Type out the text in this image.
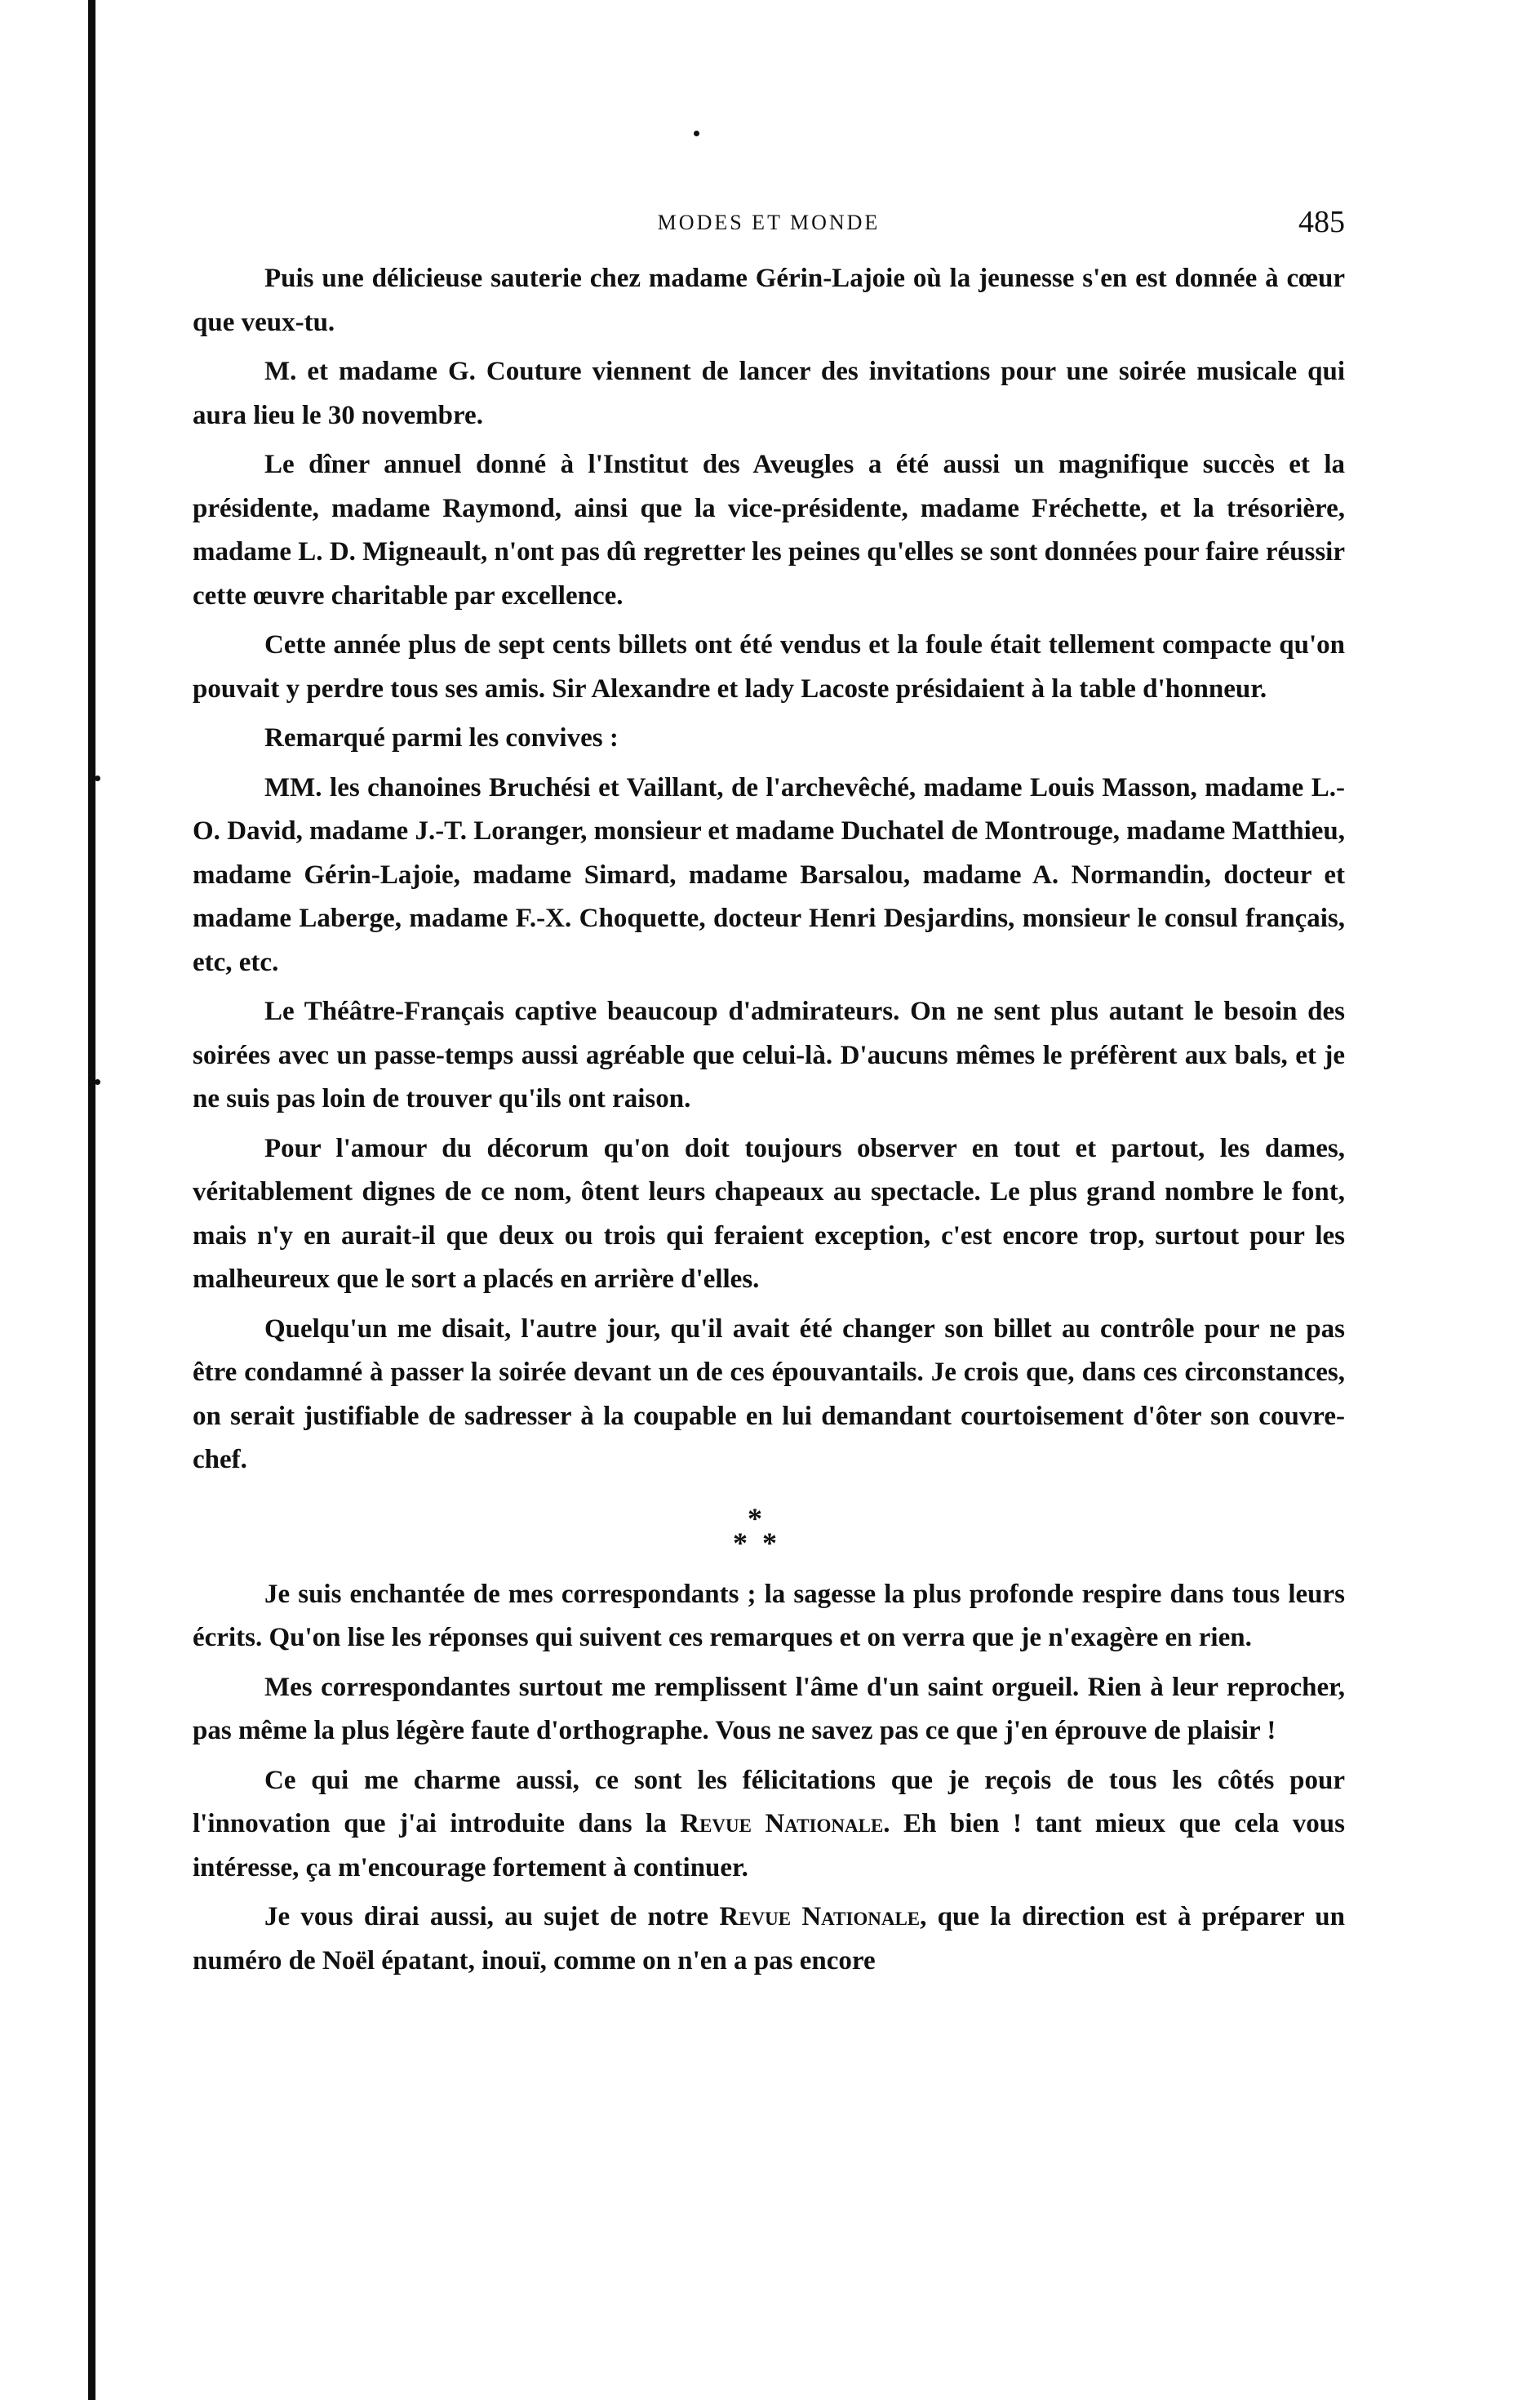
MODES ET MONDE	485

Puis une délicieuse sauterie chez madame Gérin-Lajoie où la jeunesse s'en est donnée à cœur que veux-tu.

M. et madame G. Couture viennent de lancer des invitations pour une soirée musicale qui aura lieu le 30 novembre.

Le dîner annuel donné à l'Institut des Aveugles a été aussi un magnifique succès et la présidente, madame Raymond, ainsi que la vice-présidente, madame Fréchette, et la trésorière, madame L. D. Migneault, n'ont pas dû regretter les peines qu'elles se sont données pour faire réussir cette œuvre charitable par excellence.

Cette année plus de sept cents billets ont été vendus et la foule était tellement compacte qu'on pouvait y perdre tous ses amis. Sir Alexandre et lady Lacoste présidaient à la table d'honneur.

Remarqué parmi les convives :

MM. les chanoines Bruchési et Vaillant, de l'archevêché, madame Louis Masson, madame L.-O. David, madame J.-T. Loranger, monsieur et madame Duchatel de Montrouge, madame Matthieu, madame Gérin-Lajoie, madame Simard, madame Barsalou, madame A. Normandin, docteur et madame Laberge, madame F.-X. Choquette, docteur Henri Desjardins, monsieur le consul français, etc, etc.

Le Théâtre-Français captive beaucoup d'admirateurs. On ne sent plus autant le besoin des soirées avec un passe-temps aussi agréable que celui-là. D'aucuns mêmes le préfèrent aux bals, et je ne suis pas loin de trouver qu'ils ont raison.

Pour l'amour du décorum qu'on doit toujours observer en tout et partout, les dames, véritablement dignes de ce nom, ôtent leurs chapeaux au spectacle. Le plus grand nombre le font, mais n'y en aurait-il que deux ou trois qui feraient exception, c'est encore trop, surtout pour les malheureux que le sort a placés en arrière d'elles.

Quelqu'un me disait, l'autre jour, qu'il avait été changer son billet au contrôle pour ne pas être condamné à passer la soirée devant un de ces épouvantails. Je crois que, dans ces circonstances, on serait justifiable de sadresser à la coupable en lui demandant courtoisement d'ôter son couvre-chef.

*
* *

Je suis enchantée de mes correspondants ; la sagesse la plus profonde respire dans tous leurs écrits. Qu'on lise les réponses qui suivent ces remarques et on verra que je n'exagère en rien.

Mes correspondantes surtout me remplissent l'âme d'un saint orgueil. Rien à leur reprocher, pas même la plus légère faute d'orthographe. Vous ne savez pas ce que j'en éprouve de plaisir !

Ce qui me charme aussi, ce sont les félicitations que je reçois de tous les côtés pour l'innovation que j'ai introduite dans la Revue Nationale. Eh bien ! tant mieux que cela vous intéresse, ça m'encourage fortement à continuer.

Je vous dirai aussi, au sujet de notre Revue Nationale, que la direction est à préparer un numéro de Noël épatant, inouï, comme on n'en a pas encore
